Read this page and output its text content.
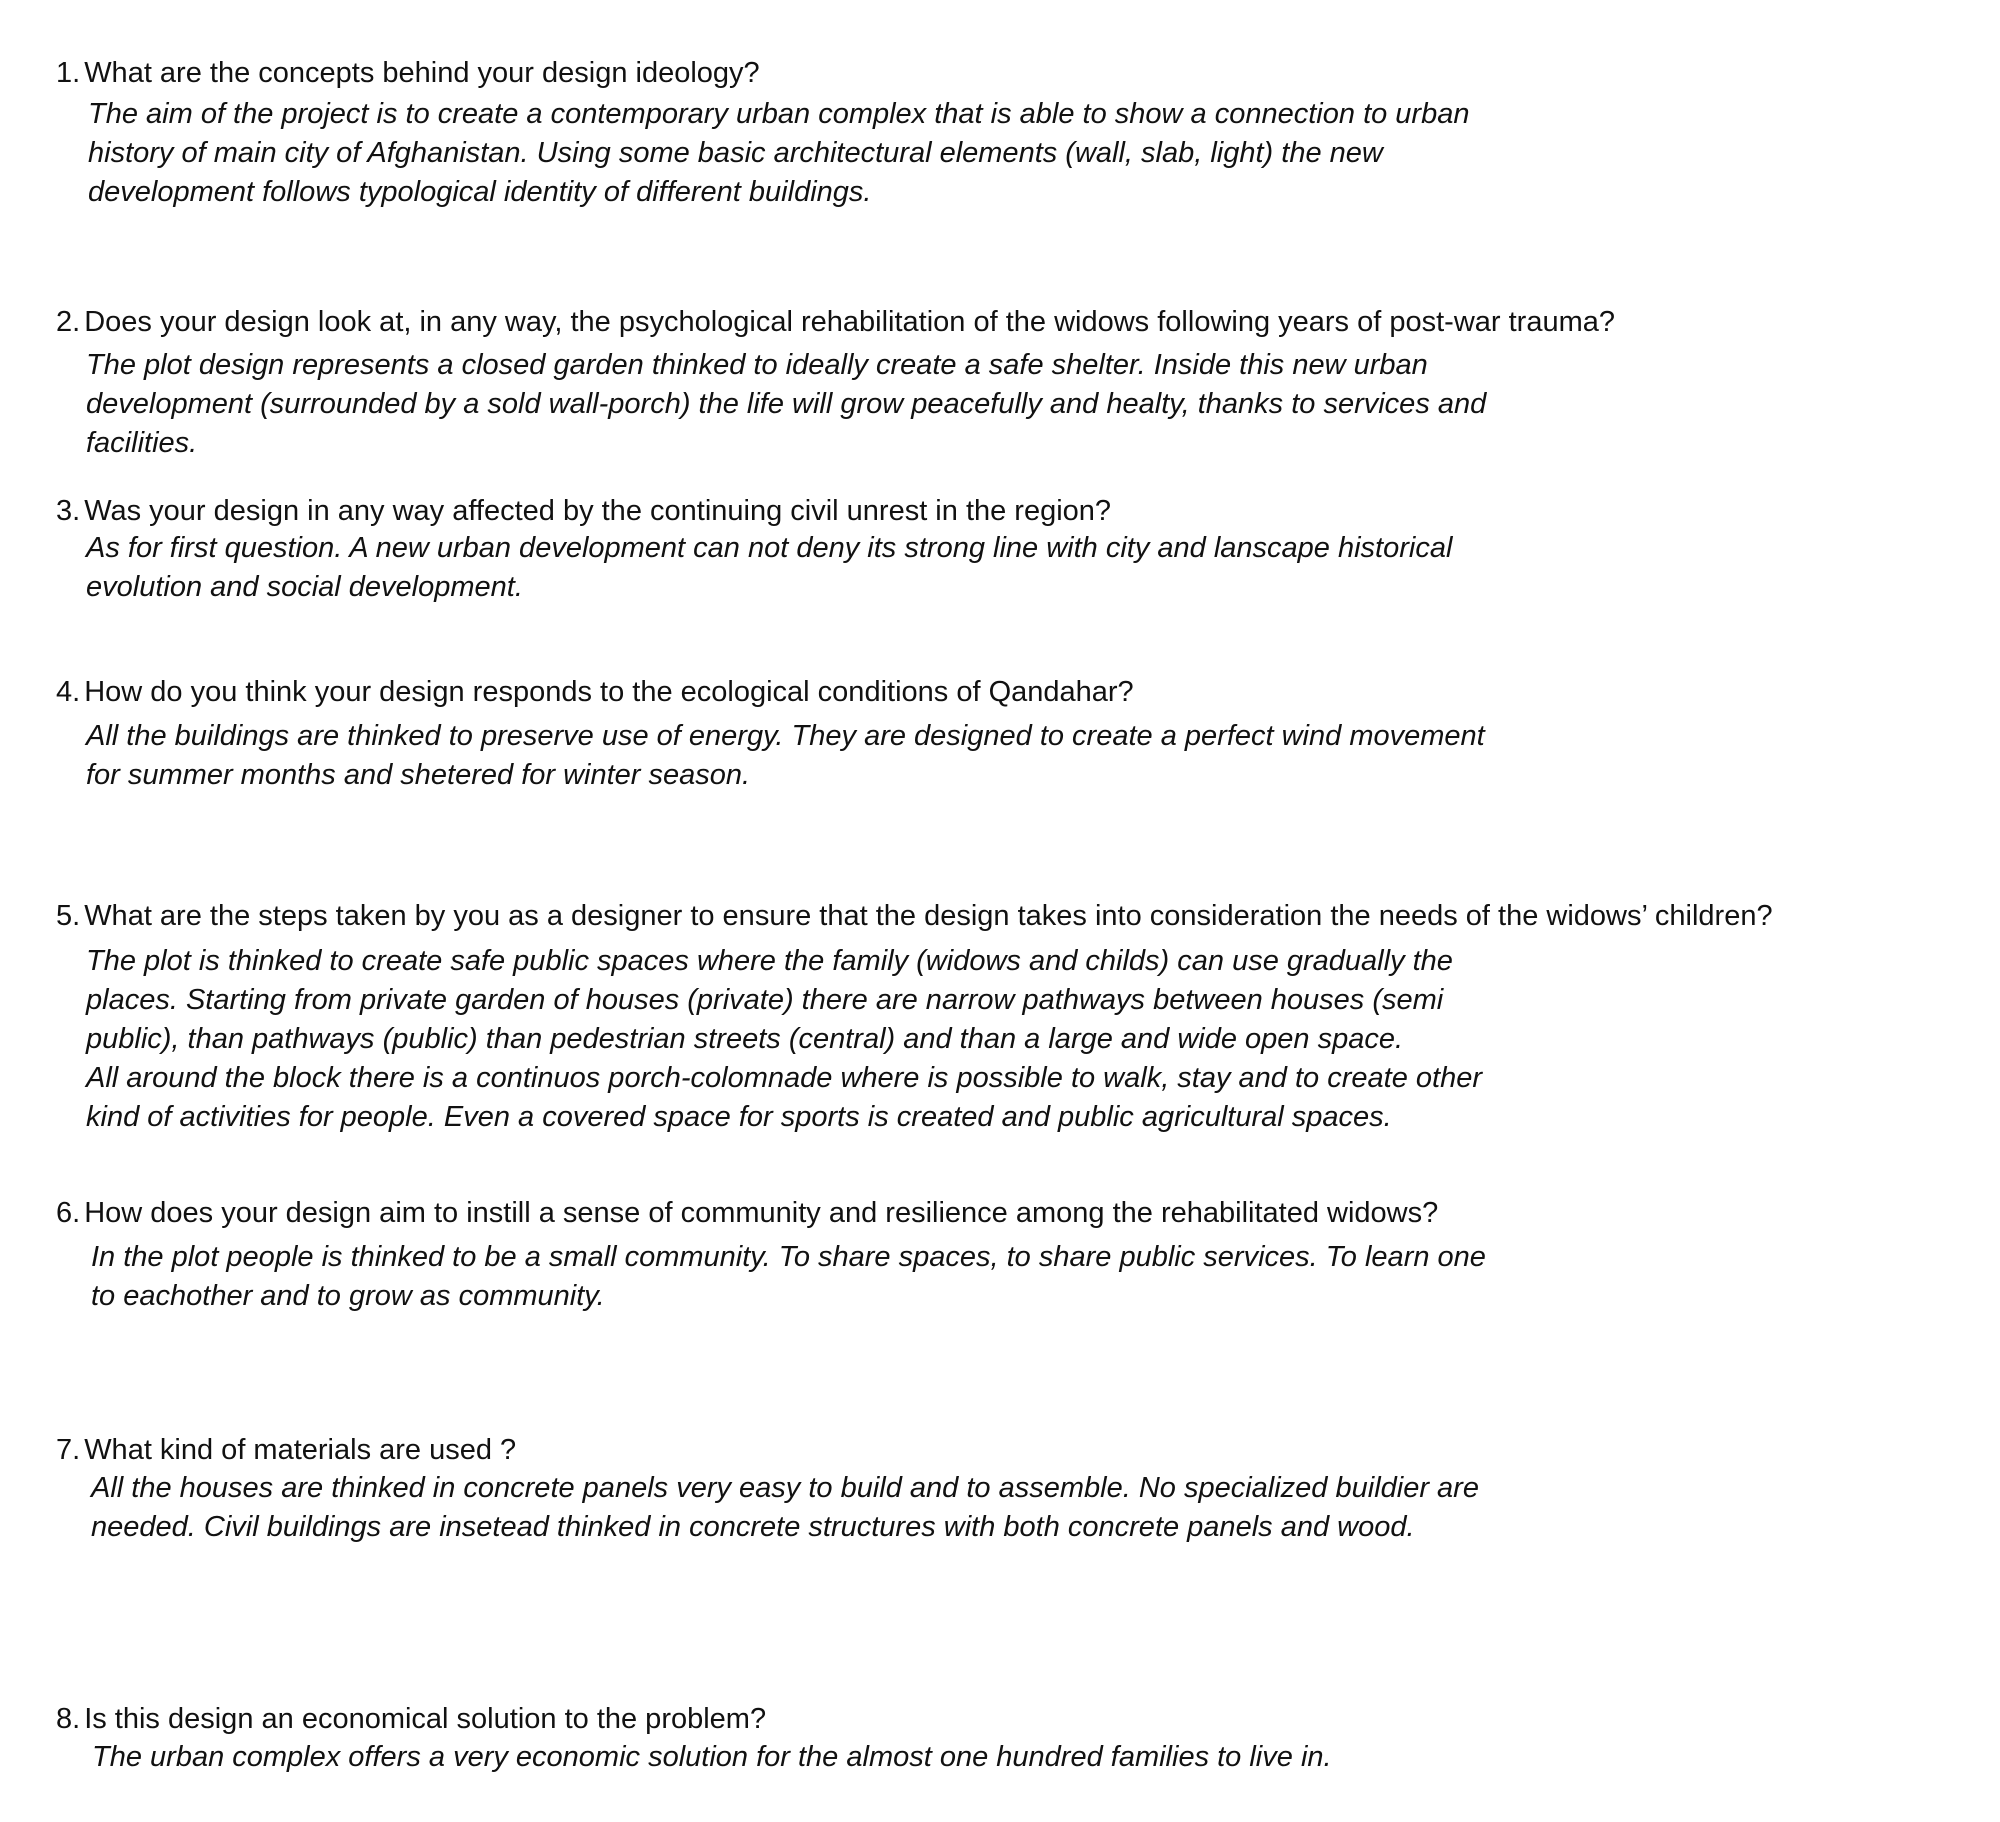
1. What are the concepts behind your design ideology?
The aim of the project is to create a contemporary urban complex that is able to show a connection to urban
history of main city of Afghanistan. Using some basic architectural elements (wall, slab, light) the new
development follows typological identity of different buildings.
2. Does your design look at, in any way, the psychological rehabilitation of the widows following years of post-war trauma?
The plot design represents a closed garden thinked to ideally create a safe shelter. Inside this new urban
development (surrounded by a sold wall-porch) the life will grow peacefully and healty, thanks to services and
facilities.
3. Was your design in any way affected by the continuing civil unrest in the region?
As for first question. A new urban development can not deny its strong line with city and lanscape historical
evolution and social development.
4. How do you think your design responds to the ecological conditions of Qandahar?
All the buildings are thinked to preserve use of energy. They are designed to create a perfect wind movement
for summer months and shetered for winter season.
5. What are the steps taken by you as a designer to ensure that the design takes into consideration the needs of the widows’ children?
The plot is thinked to create safe public spaces where the family (widows and childs) can use gradually the
places. Starting from private garden of houses (private) there are narrow pathways between houses (semi
public), than pathways (public) than pedestrian streets (central) and than a large and wide open space.
All around the block there is a continuos porch-colomnade where is possible to walk, stay and to create other
kind of activities for people. Even a covered space for sports is created and public agricultural spaces.
6. How does your design aim to instill a sense of community and resilience among the rehabilitated widows?
In the plot people is thinked to be a small community. To share spaces, to share public services. To learn one
to eachother and to grow as community.
7. What kind of materials are used ?
All the houses are thinked in concrete panels very easy to build and to assemble. No specialized buildier are
needed. Civil buildings are insetead thinked in concrete structures with both concrete panels and wood.
8. Is this design an economical solution to the problem?
The urban complex offers a very economic solution for the almost one hundred families to live in.
